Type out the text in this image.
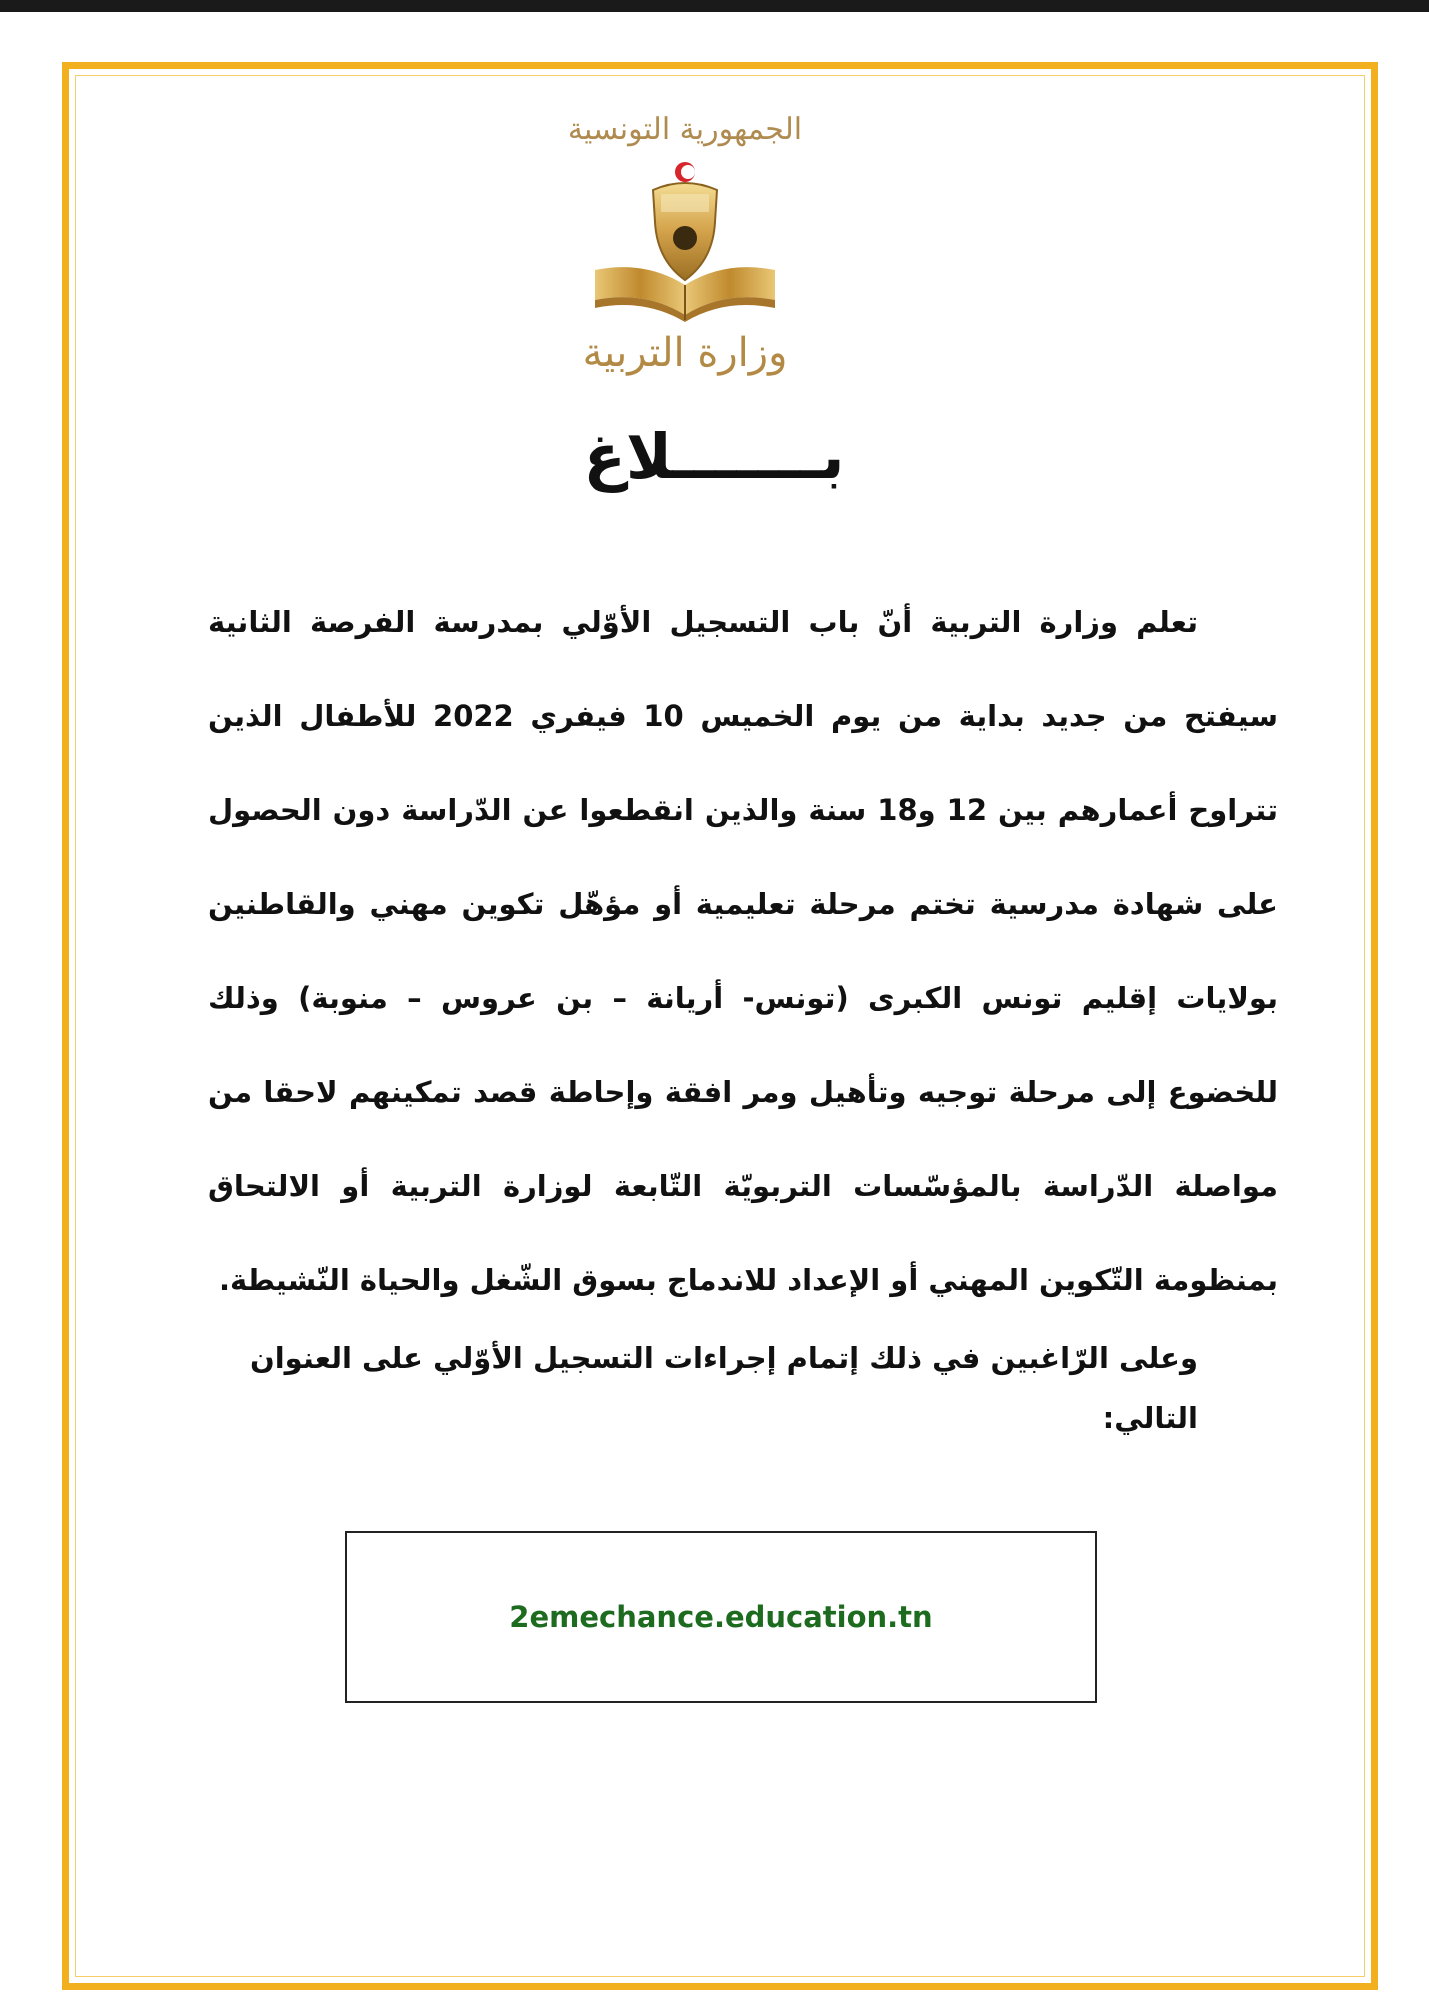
الجمهورية التونسية
وزارة التربية
بـــــــلاغ

تعلم وزارة التربية أنّ باب التسجيل الأوّلي بمدرسة الفرصة الثانية سيفتح من جديد بداية من يوم الخميس 10 فيفري 2022 للأطفال الذين تتراوح أعمارهم بين 12 و18 سنة والذين انقطعوا عن الدّراسة دون الحصول على شهادة مدرسية تختم مرحلة تعليمية أو مؤهّل تكوين مهني والقاطنين بولايات إقليم تونس الكبرى (تونس- أريانة – بن عروس – منوبة) وذلك للخضوع إلى مرحلة توجيه وتأهيل ومر افقة وإحاطة قصد تمكينهم لاحقا من مواصلة الدّراسة بالمؤسّسات التربويّة التّابعة لوزارة التربية أو الالتحاق بمنظومة التّكوين المهني أو الإعداد للاندماج بسوق الشّغل والحياة النّشيطة.

وعلى الرّاغبين في ذلك إتمام إجراءات التسجيل الأوّلي على العنوان التالي:
2emechance.education.tn
